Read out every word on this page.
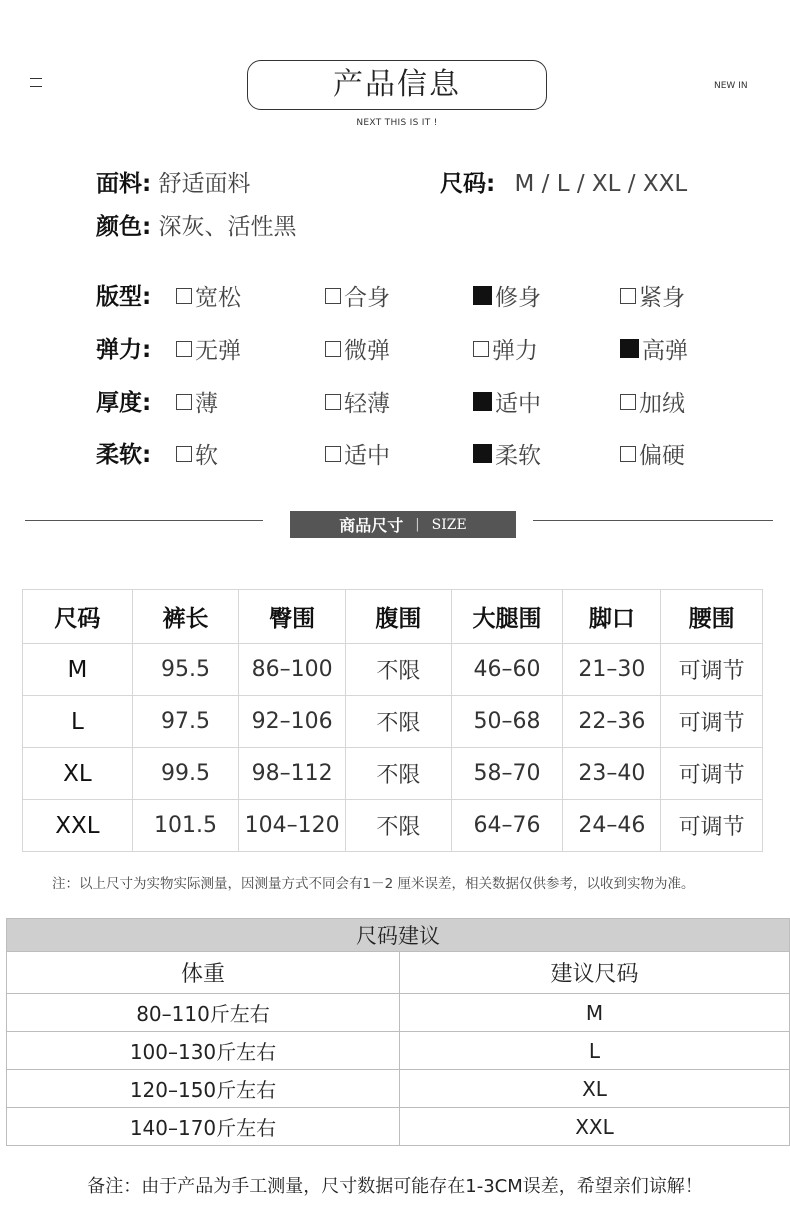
产品信息
NEXT THIS IS IT !
NEW IN
面料: 舒适面料	尺码: M / L / XL / XXL
颜色: 深灰、活性黑
版型: 宽松	合身	修身	紧身
弹力: 无弹	微弹	弹力	高弹
厚度: 薄	轻薄	适中	加绒
柔软: 软	适中	柔软	偏硬
商品尺寸 | SIZE
尺码	裤长	臀围	腹围	大腿围	脚口	腰围
M	95.5	86–100	不限	46–60	21–30	可调节
L	97.5	92–106	不限	50–68	22–36	可调节
XL	99.5	98–112	不限	58–70	23–40	可调节
XXL	101.5	104–120	不限	64–76	24–46	可调节
注：以上尺寸为实物实际测量，因测量方式不同会有1－2 厘米误差，相关数据仅供参考，以收到实物为准。
尺码建议	
体重	建议尺码
80–110斤左右	M
100–130斤左右	L
120–150斤左右	XL
140–170斤左右	XXL
备注：由于产品为手工测量，尺寸数据可能存在1-3CM误差，希望亲们谅解！
